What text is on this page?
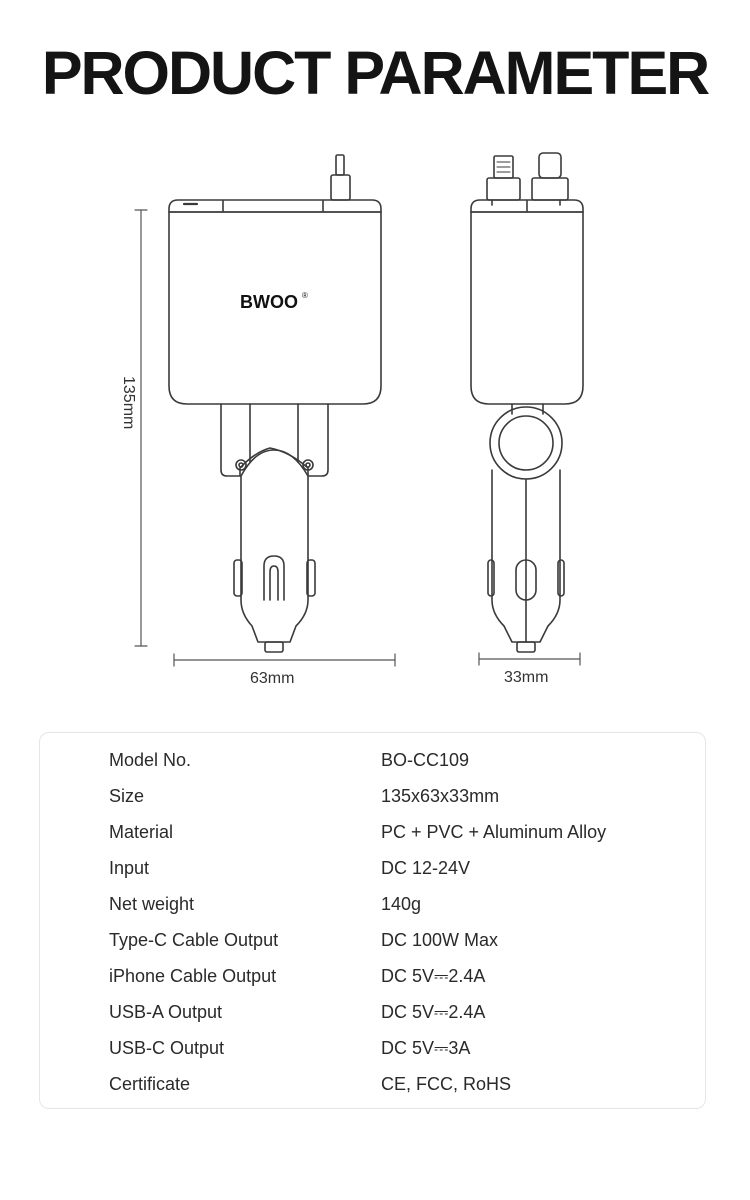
PRODUCT PARAMETER
BWOO ®
135mm
63mm	33mm
Model No.	BO-CC109
Size	135x63x33mm
Material	PC + PVC + Aluminum Alloy
Input	DC 12-24V
Net weight	140g
Type-C Cable Output	DC 100W Max
iPhone Cable Output	DC 5V⎓2.4A
USB-A Output	DC 5V⎓2.4A
USB-C Output	DC 5V⎓3A
Certificate	CE, FCC, RoHS
